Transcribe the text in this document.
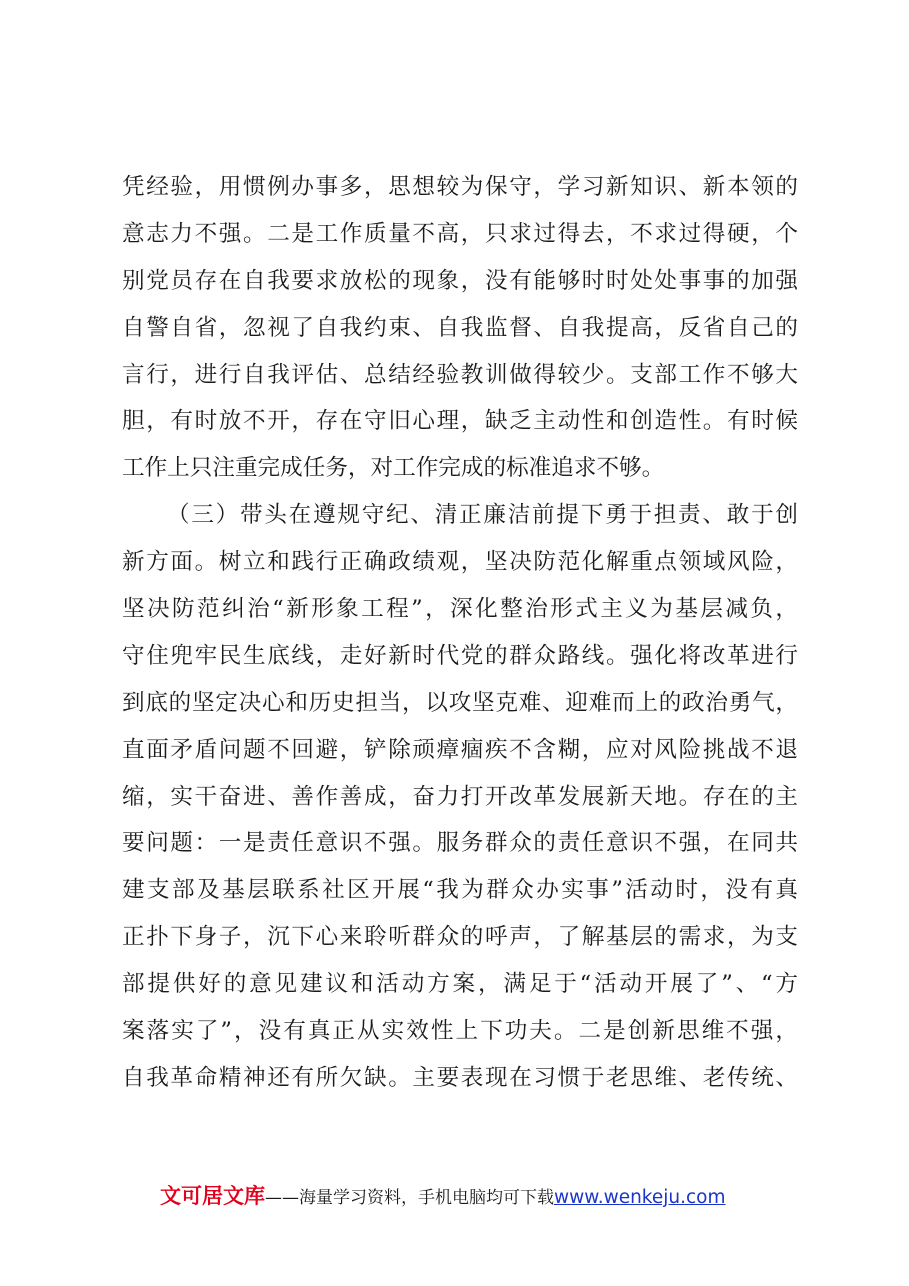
凭经验，用惯例办事多，思想较为保守，学习新知识、新本领的
意志力不强。二是工作质量不高，只求过得去，不求过得硬，个
别党员存在自我要求放松的现象，没有能够时时处处事事的加强
自警自省，忽视了自我约束、自我监督、自我提高，反省自己的
言行，进行自我评估、总结经验教训做得较少。支部工作不够大
胆，有时放不开，存在守旧心理，缺乏主动性和创造性。有时候
工作上只注重完成任务，对工作完成的标准追求不够。
（三）带头在遵规守纪、清正廉洁前提下勇于担责、敢于创
新方面。树立和践行正确政绩观，坚决防范化解重点领域风险，
坚决防范纠治“新形象工程”，深化整治形式主义为基层减负，
守住兜牢民生底线，走好新时代党的群众路线。强化将改革进行
到底的坚定决心和历史担当，以攻坚克难、迎难而上的政治勇气，
直面矛盾问题不回避，铲除顽瘴痼疾不含糊，应对风险挑战不退
缩，实干奋进、善作善成，奋力打开改革发展新天地。存在的主
要问题：一是责任意识不强。服务群众的责任意识不强，在同共
建支部及基层联系社区开展“我为群众办实事”活动时，没有真
正扑下身子，沉下心来聆听群众的呼声，了解基层的需求，为支
部提供好的意见建议和活动方案，满足于“活动开展了”、“方
案落实了”，没有真正从实效性上下功夫。二是创新思维不强，
自我革命精神还有所欠缺。主要表现在习惯于老思维、老传统、
文可居文库——海量学习资料，手机电脑均可下载www.wenkeju.com
